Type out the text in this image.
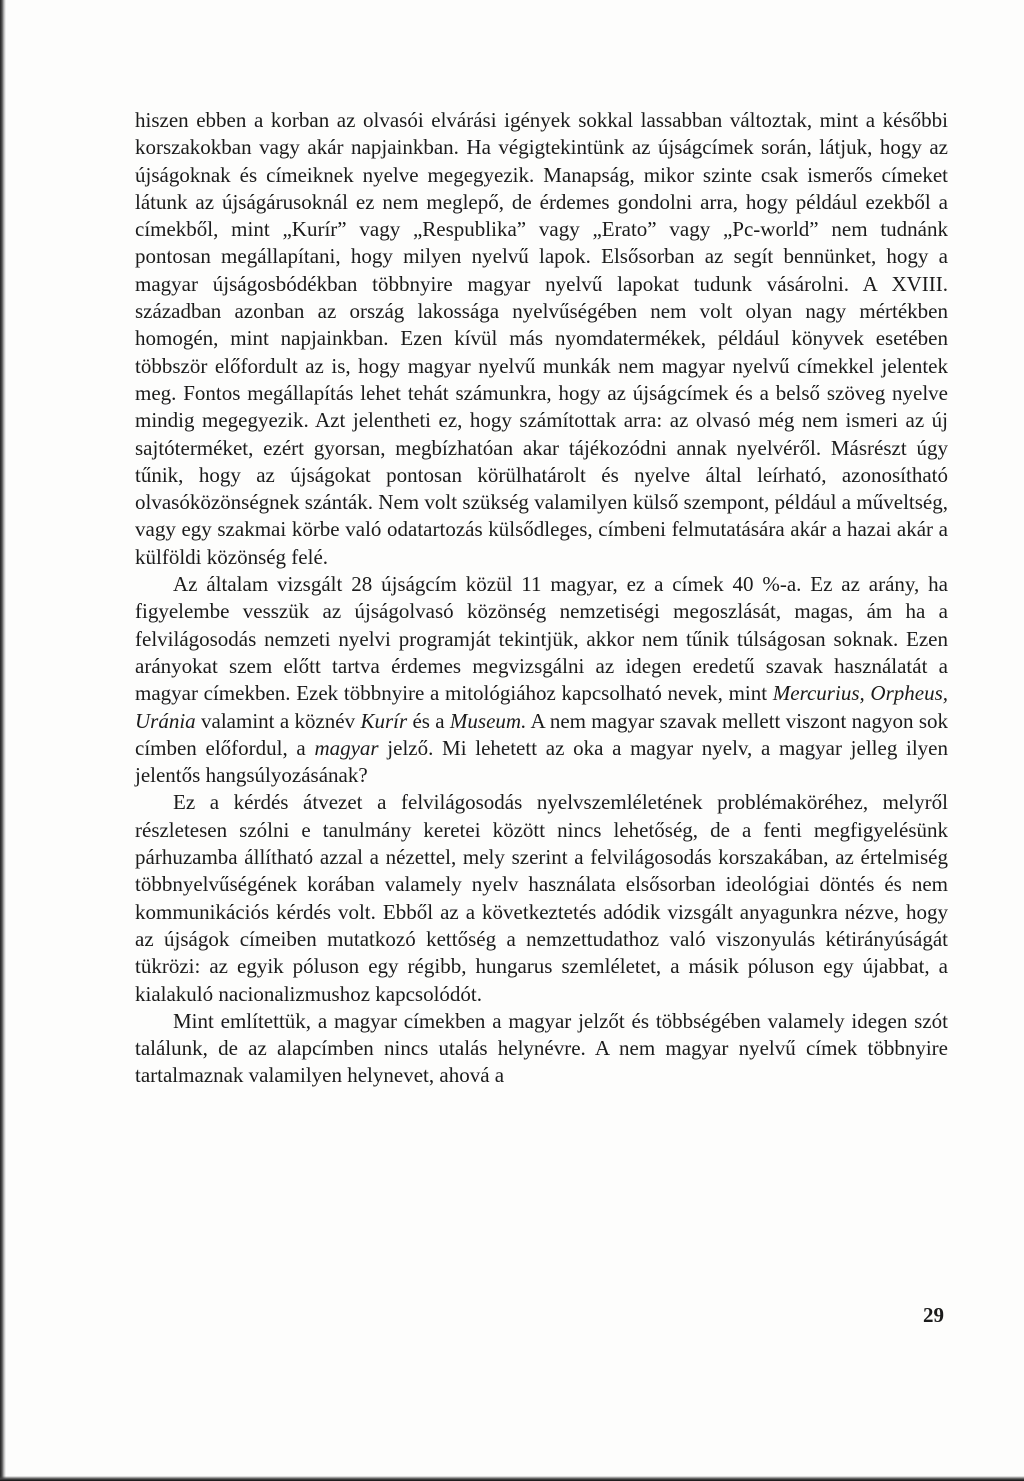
hiszen ebben a korban az olvasói elvárási igények sokkal lassabban változtak, mint a későbbi korszakokban vagy akár napjainkban. Ha végigtekintünk az újságcímek során, látjuk, hogy az újságoknak és címeiknek nyelve megegyezik. Manapság, mikor szinte csak ismerős címeket látunk az újságárusoknál ez nem meglepő, de érdemes gondolni arra, hogy például ezekből a címekből, mint „Kurír” vagy „Respublika” vagy „Erato” vagy „Pc-world” nem tudnánk pontosan megállapítani, hogy milyen nyelvű lapok. Elsősorban az segít bennünket, hogy a magyar újságosbódékban többnyire magyar nyelvű lapokat tudunk vásárolni. A XVIII. században azonban az ország lakossága nyelvűségében nem volt olyan nagy mértékben homogén, mint napjainkban. Ezen kívül más nyomdatermékek, például könyvek esetében többször előfordult az is, hogy magyar nyelvű munkák nem magyar nyelvű címekkel jelentek meg. Fontos megállapítás lehet tehát számunkra, hogy az újságcímek és a belső szöveg nyelve mindig megegyezik. Azt jelentheti ez, hogy számítottak arra: az olvasó még nem ismeri az új sajtóterméket, ezért gyorsan, megbízhatóan akar tájékozódni annak nyelvéről. Másrészt úgy tűnik, hogy az újságokat pontosan körülhatárolt és nyelve által leírható, azonosítható olvasóközönségnek szánták. Nem volt szükség valamilyen külső szempont, például a műveltség, vagy egy szakmai körbe való odatartozás külsődleges, címbeni felmutatására akár a hazai akár a külföldi közönség felé.

Az általam vizsgált 28 újságcím közül 11 magyar, ez a címek 40 %-a. Ez az arány, ha figyelembe vesszük az újságolvasó közönség nemzetiségi megoszlását, magas, ám ha a felvilágosodás nemzeti nyelvi programját tekintjük, akkor nem tűnik túlságosan soknak. Ezen arányokat szem előtt tartva érdemes megvizsgálni az idegen eredetű szavak használatát a magyar címekben. Ezek többnyire a mitológiához kapcsolható nevek, mint Mercurius, Orpheus, Uránia valamint a köznév Kurír és a Museum. A nem magyar szavak mellett viszont nagyon sok címben előfordul, a magyar jelző. Mi lehetett az oka a magyar nyelv, a magyar jelleg ilyen jelentős hangsúlyozásának?

Ez a kérdés átvezet a felvilágosodás nyelvszemléletének problémaköréhez, melyről részletesen szólni e tanulmány keretei között nincs lehetőség, de a fenti megfigyelésünk párhuzamba állítható azzal a nézettel, mely szerint a felvilágosodás korszakában, az értelmiség többnyelvűségének korában valamely nyelv használata elsősorban ideológiai döntés és nem kommunikációs kérdés volt. Ebből az a következtetés adódik vizsgált anyagunkra nézve, hogy az újságok címeiben mutatkozó kettőség a nemzettudathoz való viszonyulás kétirányúságát tükrözi: az egyik póluson egy régibb, hungarus szemléletet, a másik póluson egy újabbat, a kialakuló nacionalizmushoz kapcsolódót.

Mint említettük, a magyar címekben a magyar jelzőt és többségében valamely idegen szót találunk, de az alapcímben nincs utalás helynévre. A nem magyar nyelvű címek többnyire tartalmaznak valamilyen helynevet, ahová a

29
